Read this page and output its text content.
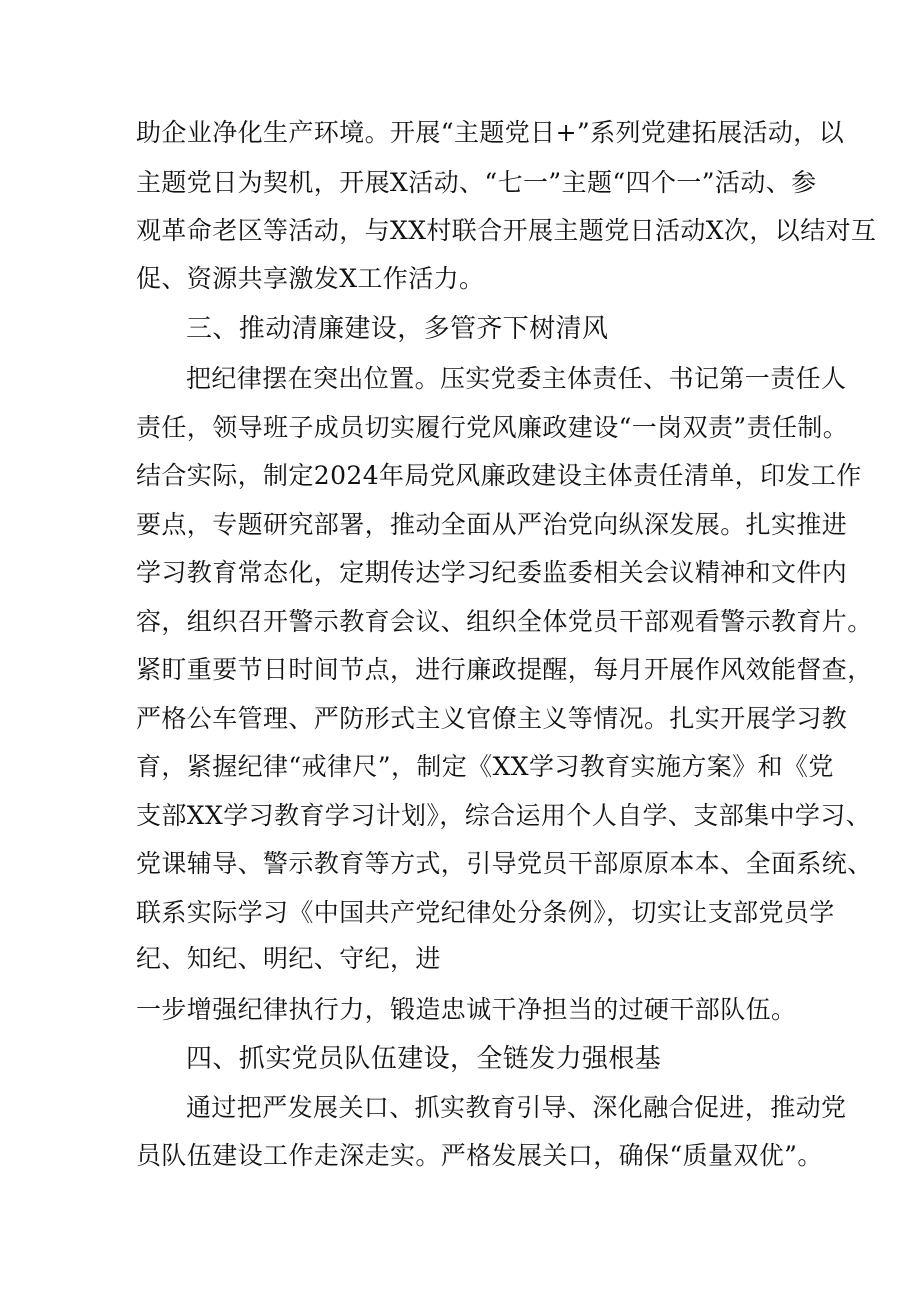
助企业净化生产环境。开展“主题党日+”系列党建拓展活动，以
主题党日为契机，开展X活动、“七一”主题“四个一”活动、参
观革命老区等活动，与XX村联合开展主题党日活动X次，以结对互
促、资源共享激发X工作活力。
三、推动清廉建设，多管齐下树清风
把纪律摆在突出位置。压实党委主体责任、书记第一责任人
责任，领导班子成员切实履行党风廉政建设“一岗双责”责任制。
结合实际，制定2024年局党风廉政建设主体责任清单，印发工作
要点，专题研究部署，推动全面从严治党向纵深发展。扎实推进
学习教育常态化，定期传达学习纪委监委相关会议精神和文件内
容，组织召开警示教育会议、组织全体党员干部观看警示教育片。
紧盯重要节日时间节点，进行廉政提醒，每月开展作风效能督查，
严格公车管理、严防形式主义官僚主义等情况。扎实开展学习教
育，紧握纪律“戒律尺”，制定《XX学习教育实施方案》和《党
支部XX学习教育学习计划》，综合运用个人自学、支部集中学习、
党课辅导、警示教育等方式，引导党员干部原原本本、全面系统、
联系实际学习《中国共产党纪律处分条例》，切实让支部党员学
纪、知纪、明纪、守纪，进
一步增强纪律执行力，锻造忠诚干净担当的过硬干部队伍。
四、抓实党员队伍建设，全链发力强根基
通过把严发展关口、抓实教育引导、深化融合促进，推动党
员队伍建设工作走深走实。严格发展关口，确保“质量双优”。
